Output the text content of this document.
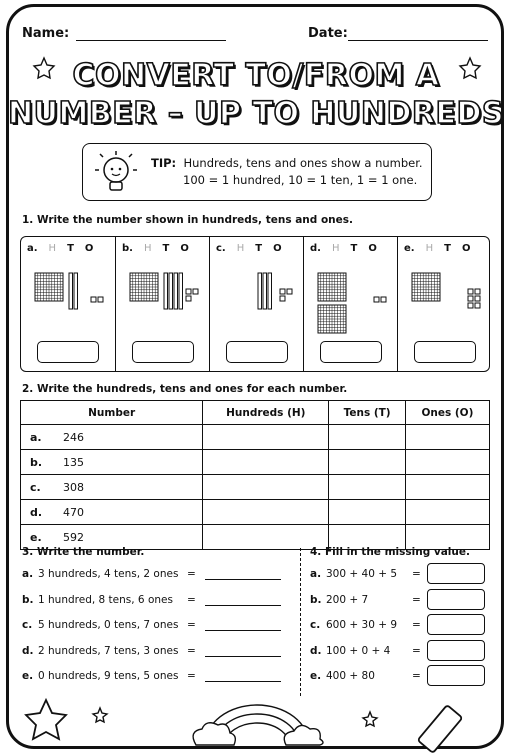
Name:	Date:
CONVERT TO/FROM A
NUMBER – UP TO HUNDREDS
TIP: Hundreds, tens and ones show a number.
100 = 1 hundred, 10 = 1 ten, 1 = 1 one.
1. Write the number shown in hundreds, tens and ones.
a. H T O	b. H T O	c. H T O	d. H T O	e. H T O
2. Write the hundreds, tens and ones for each number.
Number		Hundreds (H)	Tens (T)	Ones (O)
a.	246			
b.	135			
c.	308			
d.	470			
e.	592			
3. Write the number.	4. Fill in the missing value.
a. 3 hundreds, 4 tens, 2 ones =
b. 1 hundred, 8 tens, 6 ones =
c. 5 hundreds, 0 tens, 7 ones =
d. 2 hundreds, 7 tens, 3 ones =
e. 0 hundreds, 9 tens, 5 ones =
a. 300 + 40 + 5 =
b. 200 + 7	=
c. 600 + 30 + 9 =
d. 100 + 0 + 4 =
e. 400 + 80	=
